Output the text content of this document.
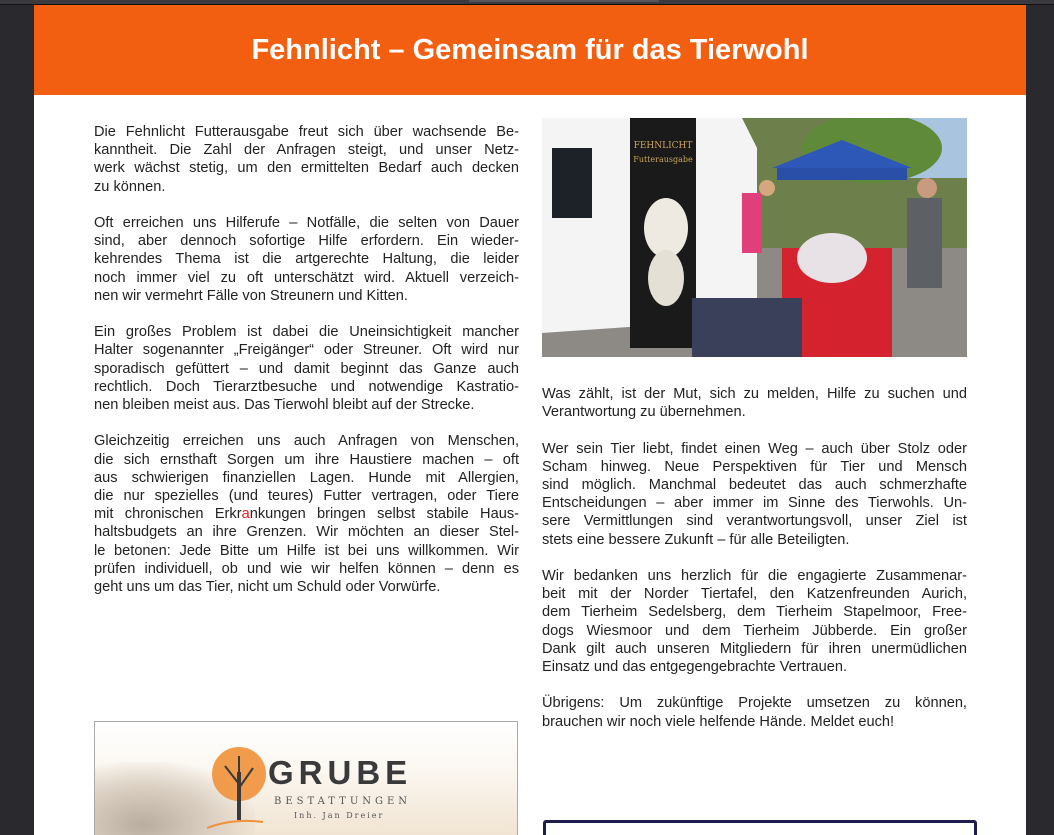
Fehnlicht – Gemeinsam für das Tierwohl
Die Fehnlicht Futterausgabe freut sich über wachsende Be-
kanntheit. Die Zahl der Anfragen steigt, und unser Netz-
werk wächst stetig, um den ermittelten Bedarf auch decken
zu können.
Oft erreichen uns Hilferufe – Notfälle, die selten von Dauer
sind, aber dennoch sofortige Hilfe erfordern. Ein wieder-
kehrendes Thema ist die artgerechte Haltung, die leider
noch immer viel zu oft unterschätzt wird. Aktuell verzeich-
nen wir vermehrt Fälle von Streunern und Kitten.
Ein großes Problem ist dabei die Uneinsichtigkeit mancher
Halter sogenannter „Freigänger“ oder Streuner. Oft wird nur
sporadisch gefüttert – und damit beginnt das Ganze auch
rechtlich. Doch Tierarztbesuche und notwendige Kastratio-
nen bleiben meist aus. Das Tierwohl bleibt auf der Strecke.
Gleichzeitig erreichen uns auch Anfragen von Menschen,
die sich ernsthaft Sorgen um ihre Haustiere machen – oft
aus schwierigen finanziellen Lagen. Hunde mit Allergien,
die nur spezielles (und teures) Futter vertragen, oder Tiere
mit chronischen Erkrankungen bringen selbst stabile Haus-
haltsbudgets an ihre Grenzen. Wir möchten an dieser Stel-
le betonen: Jede Bitte um Hilfe ist bei uns willkommen. Wir
prüfen individuell, ob und wie wir helfen können – denn es
geht uns um das Tier, nicht um Schuld oder Vorwürfe.
FEHNLICHT
Futterausgabe
Was zählt, ist der Mut, sich zu melden, Hilfe zu suchen und
Verantwortung zu übernehmen.
Wer sein Tier liebt, findet einen Weg – auch über Stolz oder
Scham hinweg. Neue Perspektiven für Tier und Mensch
sind möglich. Manchmal bedeutet das auch schmerzhafte
Entscheidungen – aber immer im Sinne des Tierwohls. Un-
sere Vermittlungen sind verantwortungsvoll, unser Ziel ist
stets eine bessere Zukunft – für alle Beteiligten.
Wir bedanken uns herzlich für die engagierte Zusammenar-
beit mit der Norder Tiertafel, den Katzenfreunden Aurich,
dem Tierheim Sedelsberg, dem Tierheim Stapelmoor, Free-
dogs Wiesmoor und dem Tierheim Jübberde. Ein großer
Dank gilt auch unseren Mitgliedern für ihren unermüdlichen
Einsatz und das entgegengebrachte Vertrauen.
Übrigens: Um zukünftige Projekte umsetzen zu können,
brauchen wir noch viele helfende Hände. Meldet euch!
GRUBE
BESTATTUNGEN
Inh. Jan Dreier
